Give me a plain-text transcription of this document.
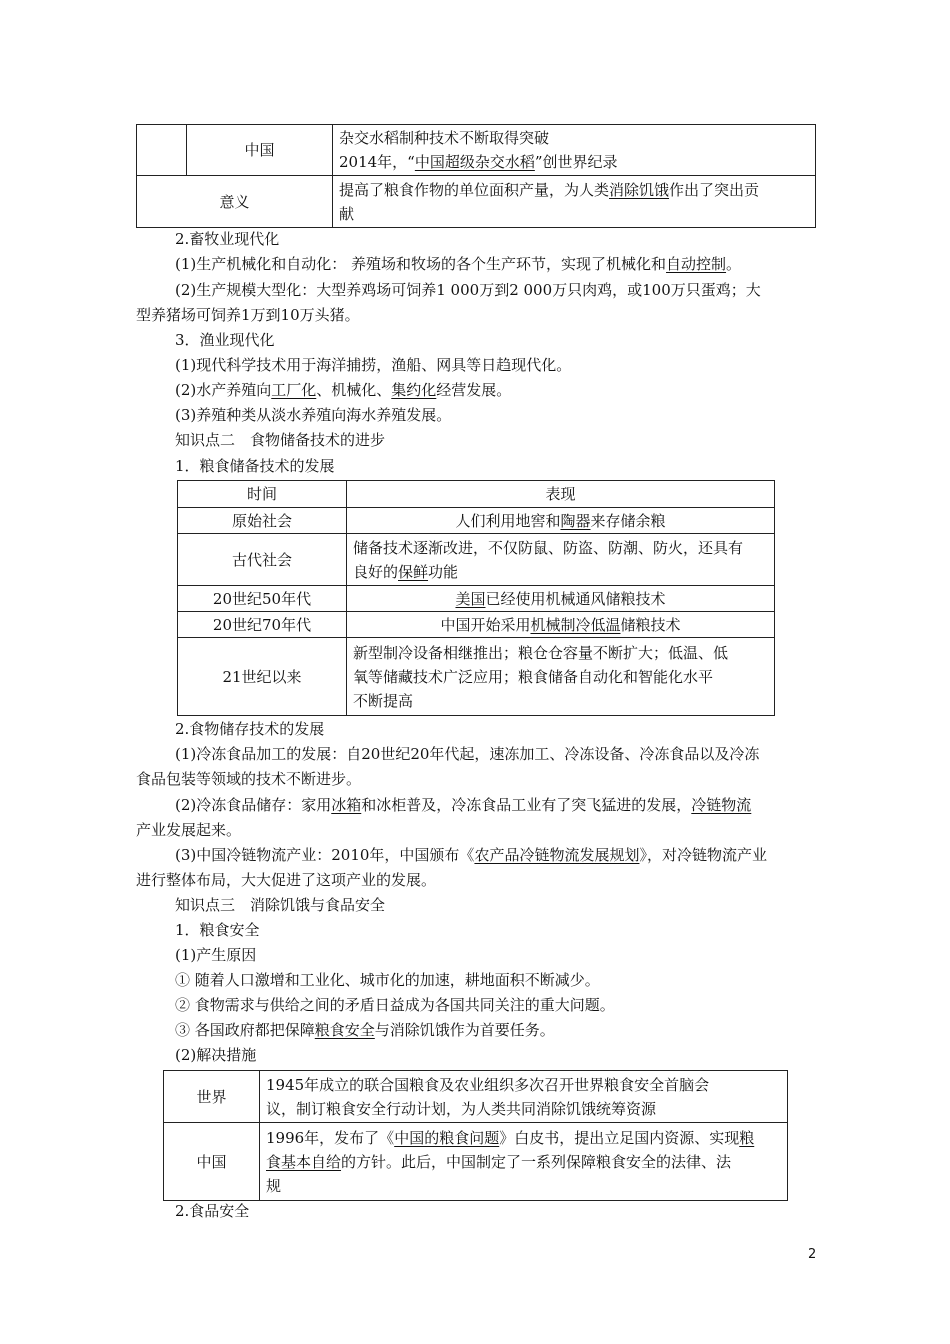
	中国	杂交水稻制种技术不断取得突破
2014年，“中国超级杂交水稻”创世界纪录

意义		提高了粮食作物的单位面积产量，为人类消除饥饿作出了突出贡
献
2.畜牧业现代化
(1)生产机械化和自动化： 养殖场和牧场的各个生产环节，实现了机械化和自动控制。
(2)生产规模大型化：大型养鸡场可饲养1 000万到2 000万只肉鸡，或100万只蛋鸡；大
型养猪场可饲养1万到10万头猪。
3．渔业现代化
(1)现代科学技术用于海洋捕捞，渔船、网具等日趋现代化。
(2)水产养殖向工厂化、机械化、集约化经营发展。
(3)养殖种类从淡水养殖向海水养殖发展。
知识点二　食物储备技术的进步
1．粮食储备技术的发展
时间	表现
原始社会	人们利用地窖和陶器来存储余粮

古代社会	储备技术逐渐改进，不仅防鼠、防盗、防潮、防火，还具有
良好的保鲜功能

20世纪50年代	美国已经使用机械通风储粮技术

20世纪70年代	中国开始采用机械制冷低温储粮技术

21世纪以来	新型制冷设备相继推出；粮仓仓容量不断扩大；低温、低
氧等储藏技术广泛应用；粮食储备自动化和智能化水平
不断提高
2.食物储存技术的发展
(1)冷冻食品加工的发展：自20世纪20年代起，速冻加工、冷冻设备、冷冻食品以及冷冻
食品包装等领域的技术不断进步。
(2)冷冻食品储存：家用冰箱和冰柜普及，冷冻食品工业有了突飞猛进的发展，冷链物流
产业发展起来。
(3)中国冷链物流产业：2010年，中国颁布《农产品冷链物流发展规划》，对冷链物流产业
进行整体布局，大大促进了这项产业的发展。
知识点三　消除饥饿与食品安全
1．粮食安全
(1)产生原因
① 随着人口激增和工业化、城市化的加速，耕地面积不断减少。
② 食物需求与供给之间的矛盾日益成为各国共同关注的重大问题。
③ 各国政府都把保障粮食安全与消除饥饿作为首要任务。
(2)解决措施
世界	1945年成立的联合国粮食及农业组织多次召开世界粮食安全首脑会
议，制订粮食安全行动计划，为人类共同消除饥饿统筹资源

中国	1996年，发布了《中国的粮食问题》白皮书，提出立足国内资源、实现粮
食基本自给的方针。此后，中国制定了一系列保障粮食安全的法律、法
规
2.食品安全
2
